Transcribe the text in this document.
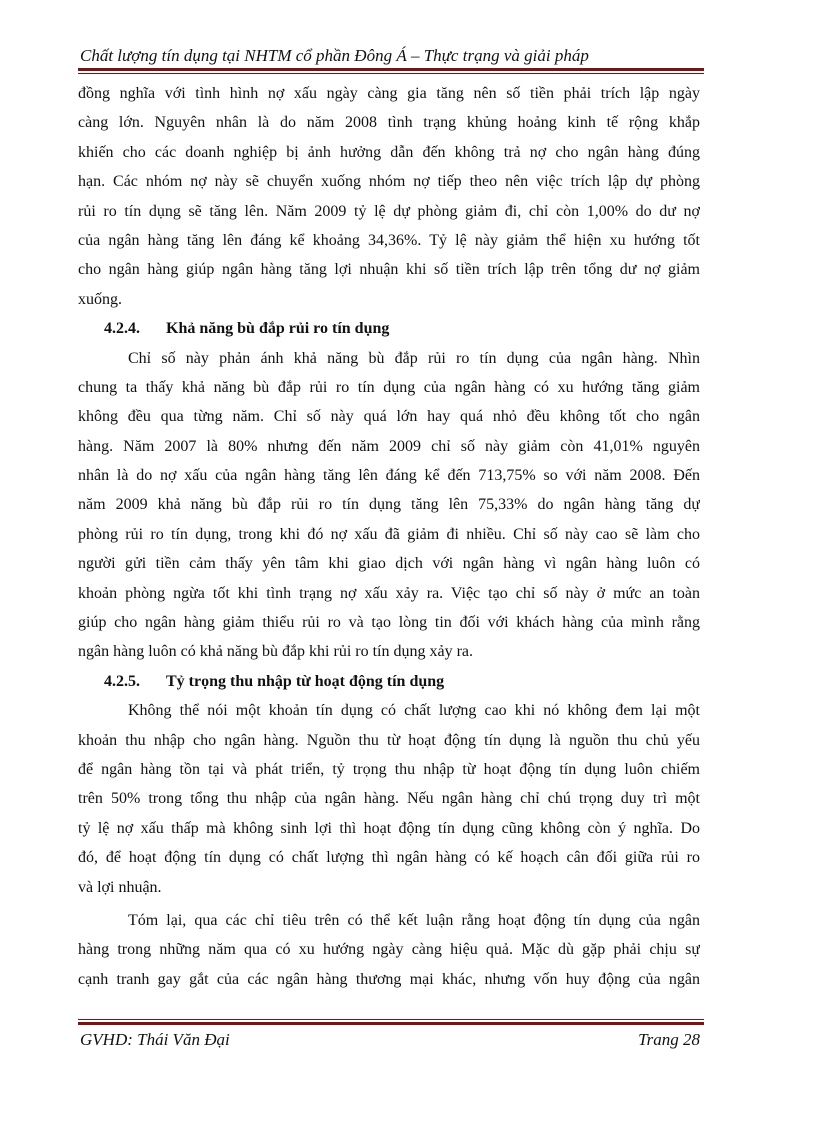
Chất lượng tín dụng tại NHTM cổ phần Đông Á – Thực trạng và giải pháp
đồng nghĩa với tình hình nợ xấu ngày càng gia tăng nên số tiền phải trích lập ngày
càng lớn. Nguyên nhân là do năm 2008 tình trạng khủng hoảng kinh tế rộng khắp
khiến cho các doanh nghiệp bị ảnh hưởng dẫn đến không trả nợ cho ngân hàng đúng
hạn. Các nhóm nợ này sẽ chuyển xuống nhóm nợ tiếp theo nên việc trích lập dự phòng
rủi ro tín dụng sẽ tăng lên. Năm 2009 tỷ lệ dự phòng giảm đi, chỉ còn 1,00% do dư nợ
của ngân hàng tăng lên đáng kể khoảng 34,36%. Tỷ lệ này giảm thể hiện xu hướng tốt
cho ngân hàng giúp ngân hàng tăng lợi nhuận khi số tiền trích lập trên tổng dư nợ giảm
xuống.
4.2.4. Khả năng bù đắp rủi ro tín dụng
Chỉ số này phản ánh khả năng bù đắp rủi ro tín dụng của ngân hàng. Nhìn
chung ta thấy khả năng bù đắp rủi ro tín dụng của ngân hàng có xu hướng tăng giảm
không đều qua từng năm. Chỉ số này quá lớn hay quá nhỏ đều không tốt cho ngân
hàng. Năm 2007 là 80% nhưng đến năm 2009 chỉ số này giảm còn 41,01% nguyên
nhân là do nợ xấu của ngân hàng tăng lên đáng kể đến 713,75% so với năm 2008. Đến
năm 2009 khả năng bù đắp rủi ro tín dụng tăng lên 75,33% do ngân hàng tăng dự
phòng rủi ro tín dụng, trong khi đó nợ xấu đã giảm đi nhiều. Chỉ số này cao sẽ làm cho
người gửi tiền cảm thấy yên tâm khi giao dịch với ngân hàng vì ngân hàng luôn có
khoản phòng ngừa tốt khi tình trạng nợ xấu xảy ra. Việc tạo chỉ số này ở mức an toàn
giúp cho ngân hàng giảm thiểu rủi ro và tạo lòng tin đối với khách hàng của mình rằng
ngân hàng luôn có khả năng bù đắp khi rủi ro tín dụng xảy ra.
4.2.5. Tỷ trọng thu nhập từ hoạt động tín dụng
Không thể nói một khoản tín dụng có chất lượng cao khi nó không đem lại một
khoản thu nhập cho ngân hàng. Nguồn thu từ hoạt động tín dụng là nguồn thu chủ yếu
để ngân hàng tồn tại và phát triển, tỷ trọng thu nhập từ hoạt động tín dụng luôn chiếm
trên 50% trong tổng thu nhập của ngân hàng. Nếu ngân hàng chỉ chú trọng duy trì một
tỷ lệ nợ xấu thấp mà không sinh lợi thì hoạt động tín dụng cũng không còn ý nghĩa. Do
đó, để hoạt động tín dụng có chất lượng thì ngân hàng có kế hoạch cân đối giữa rủi ro
và lợi nhuận.
Tóm lại, qua các chỉ tiêu trên có thể kết luận rằng hoạt động tín dụng của ngân
hàng trong những năm qua có xu hướng ngày càng hiệu quả. Mặc dù gặp phải chịu sự
cạnh tranh gay gắt của các ngân hàng thương mại khác, nhưng vốn huy động của ngân
GVHD: Thái Văn Đại	Trang 28
